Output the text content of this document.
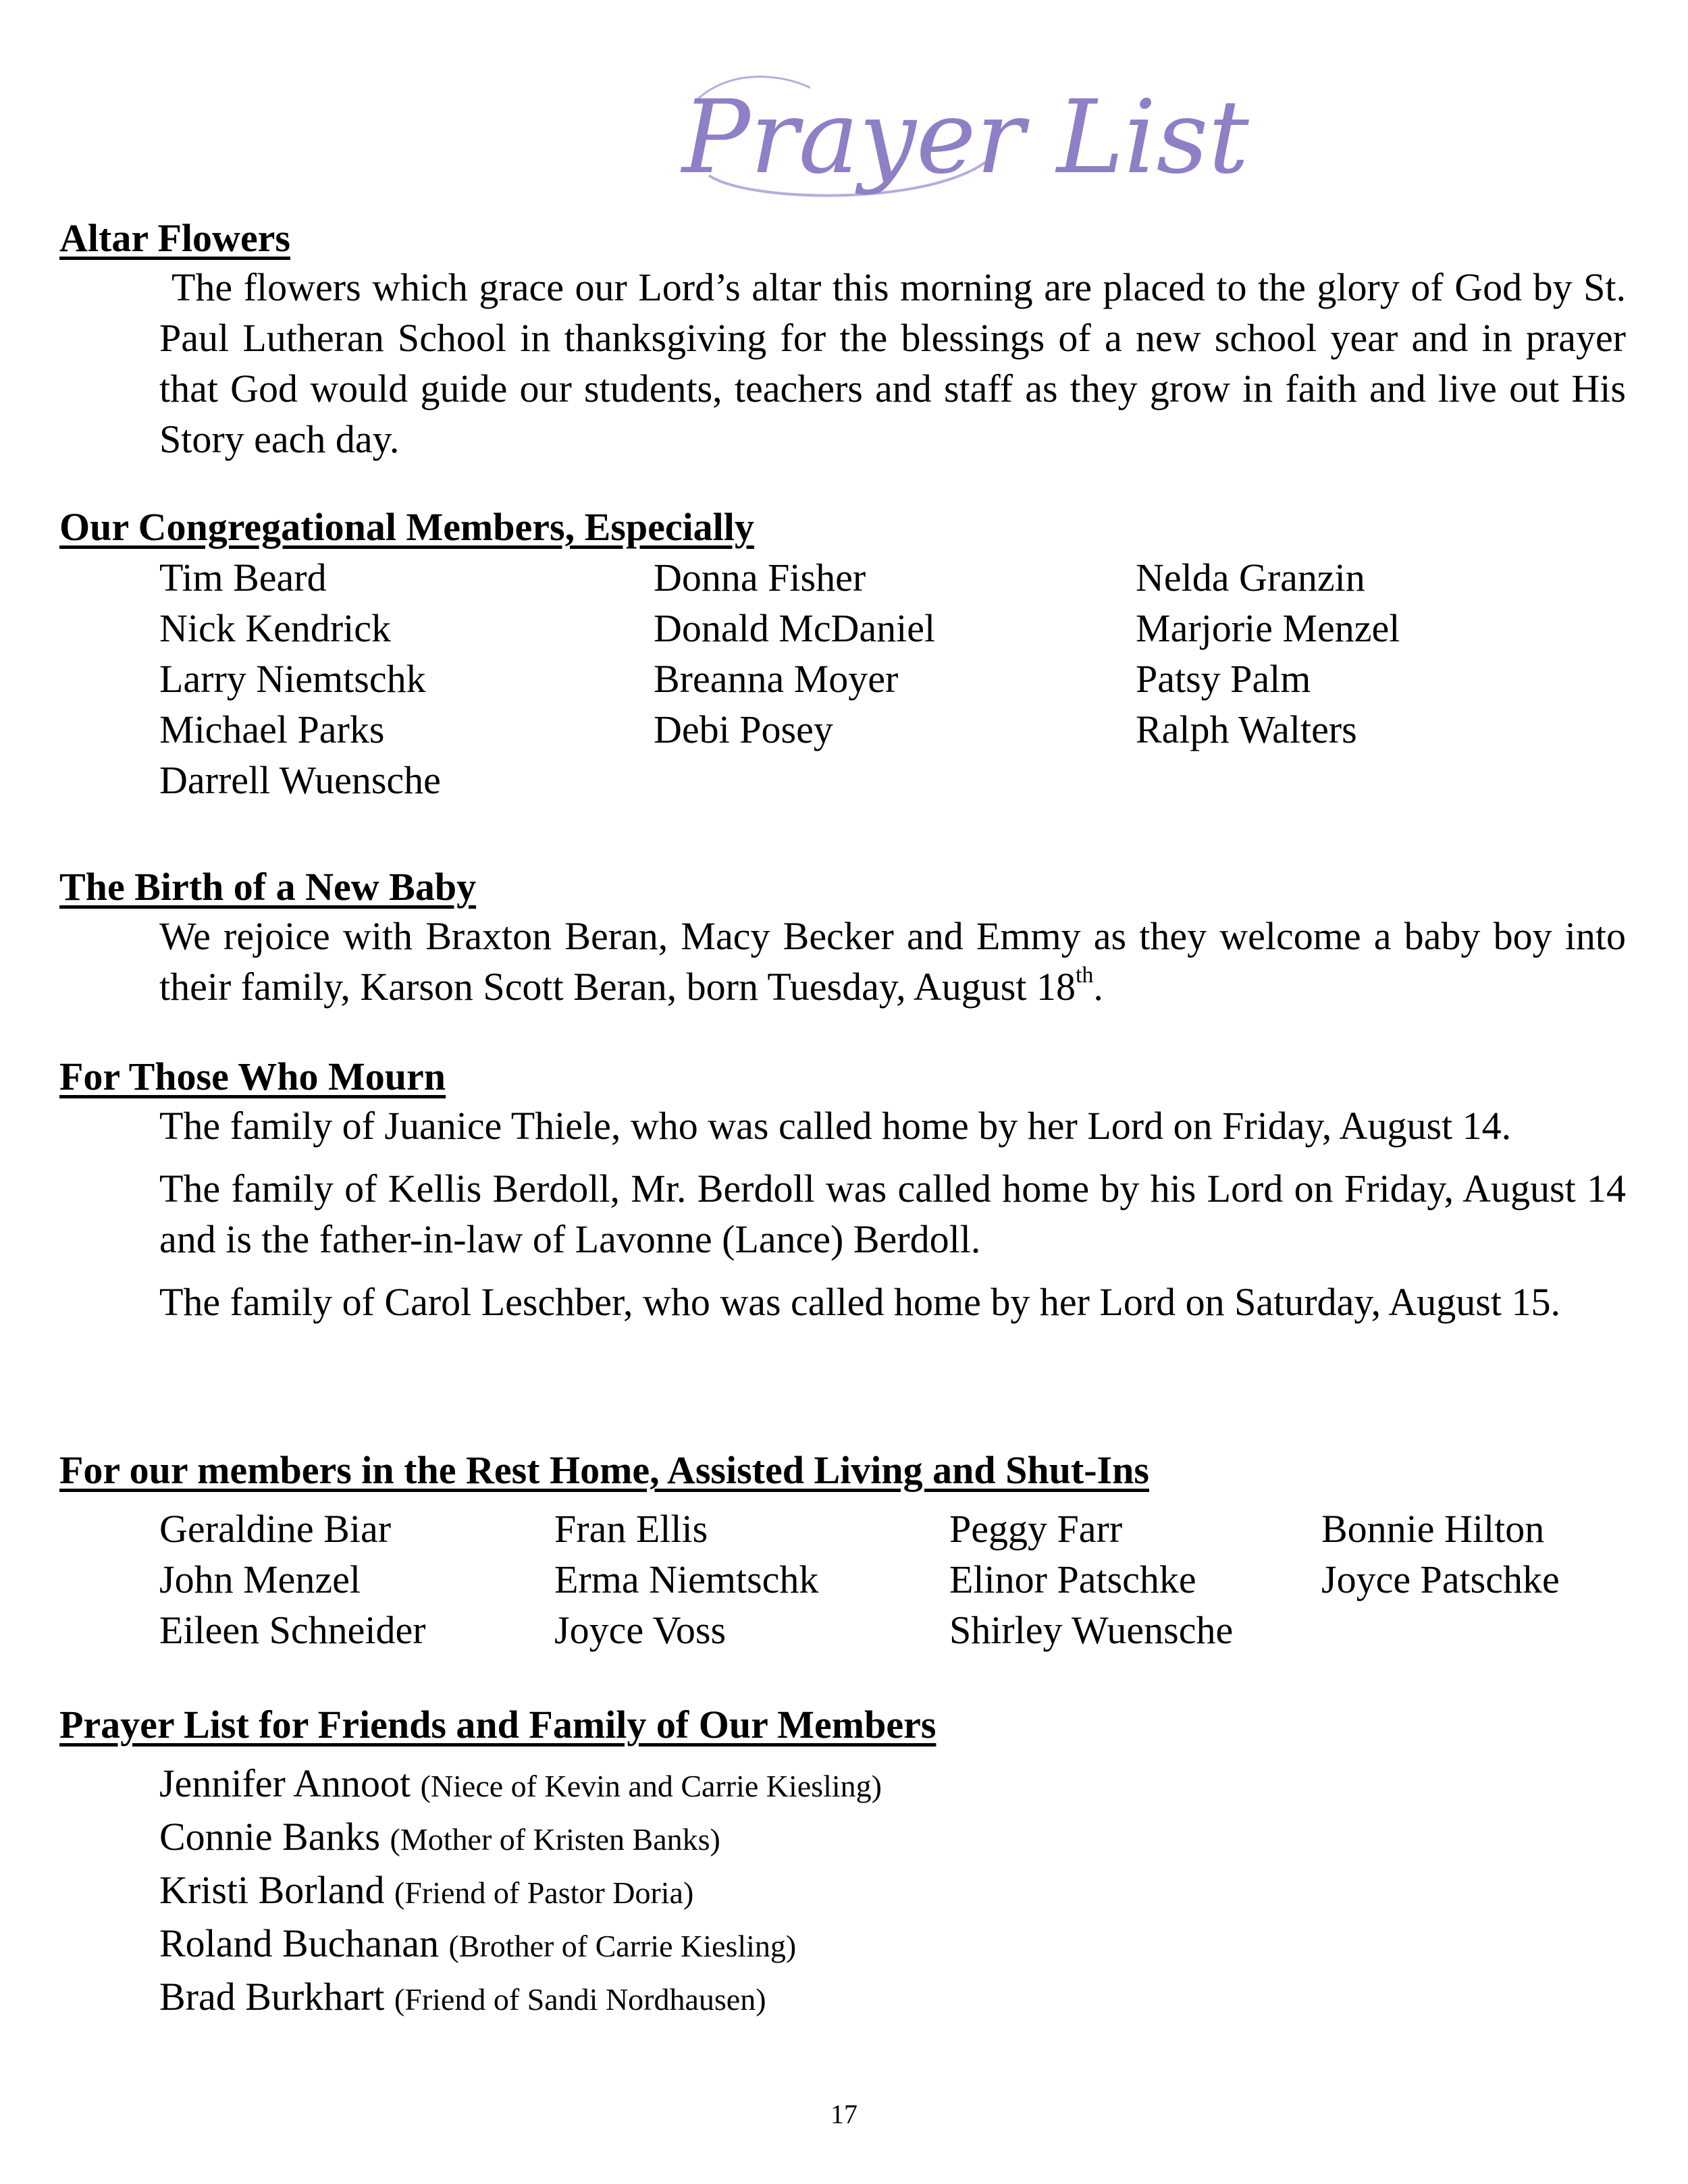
Prayer List
Altar Flowers

The flowers which grace our Lord’s altar this morning are placed to the glory of God by St. Paul Lutheran School in thanksgiving for the blessings of a new school year and in prayer that God would guide our students, teachers and staff as they grow in faith and live out His Story each day.

Our Congregational Members, Especially
Tim Beard	Donna Fisher	Nelda Granzin
Nick Kendrick	Donald McDaniel	Marjorie Menzel
Larry Niemtschk	Breanna Moyer	Patsy Palm
Michael Parks	Debi Posey	Ralph Walters
Darrell Wuensche
The Birth of a New Baby

We rejoice with Braxton Beran, Macy Becker and Emmy as they welcome a baby boy into their family, Karson Scott Beran, born Tuesday, August 18th.

For Those Who Mourn

The family of Juanice Thiele, who was called home by her Lord on Friday, August 14.

The family of Kellis Berdoll, Mr. Berdoll was called home by his Lord on Friday, August 14 and is the father-in-law of Lavonne (Lance) Berdoll.

The family of Carol Leschber, who was called home by her Lord on Saturday, August 15.

For our members in the Rest Home, Assisted Living and Shut-Ins
Geraldine Biar	Fran Ellis	Peggy Farr	Bonnie Hilton
John Menzel	Erma Niemtschk	Elinor Patschke	Joyce Patschke
Eileen Schneider	Joyce Voss	Shirley Wuensche
Prayer List for Friends and Family of Our Members
Jennifer Annoot (Niece of Kevin and Carrie Kiesling)
Connie Banks (Mother of Kristen Banks)
Kristi Borland (Friend of Pastor Doria)
Roland Buchanan (Brother of Carrie Kiesling)
Brad Burkhart (Friend of Sandi Nordhausen)
17
